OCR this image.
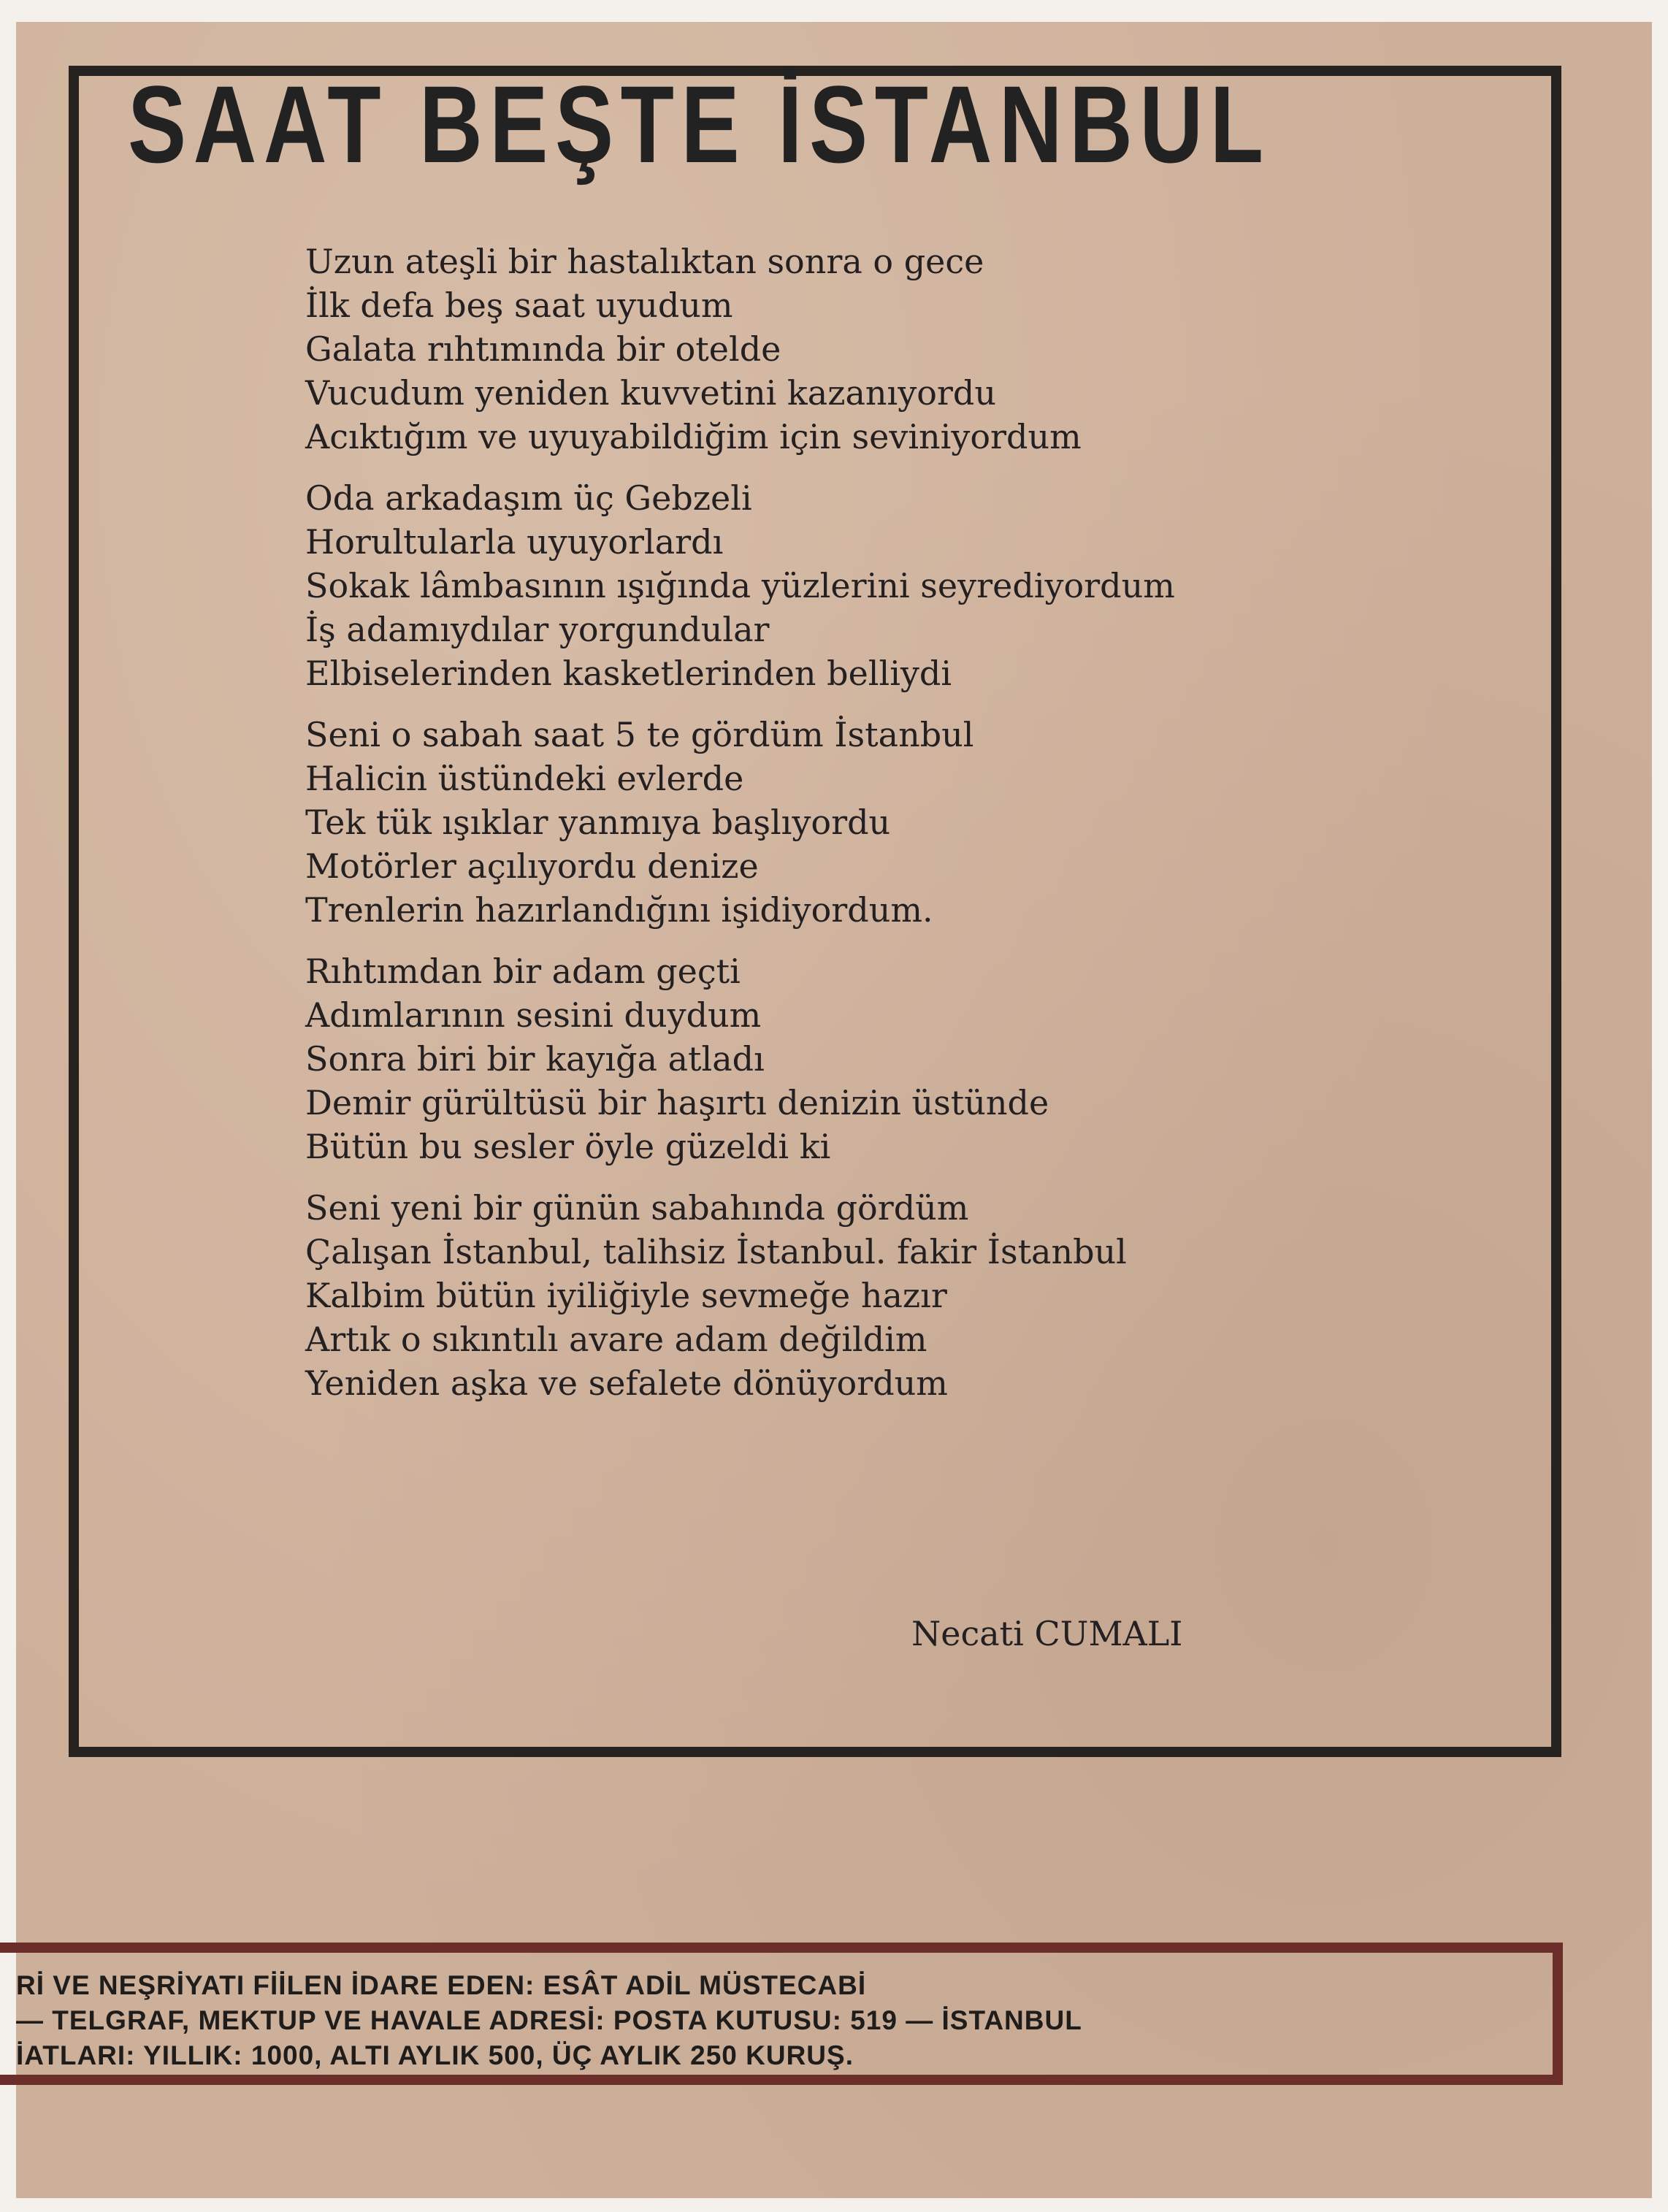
SAAT BEŞTE İSTANBUL
Uzun ateşli bir hastalıktan sonra o gece
İlk defa beş saat uyudum
Galata rıhtımında bir otelde
Vucudum yeniden kuvvetini kazanıyordu
Acıktığım ve uyuyabildiğim için seviniyordum
Oda arkadaşım üç Gebzeli
Horultularla uyuyorlardı
Sokak lâmbasının ışığında yüzlerini seyrediyordum
İş adamıydılar yorgundular
Elbiselerinden kasketlerinden belliydi
Seni o sabah saat 5 te gördüm İstanbul
Halicin üstündeki evlerde
Tek tük ışıklar yanmıya başlıyordu
Motörler açılıyordu denize
Trenlerin hazırlandığını işidiyordum.
Rıhtımdan bir adam geçti
Adımlarının sesini duydum
Sonra biri bir kayığa atladı
Demir gürültüsü bir haşırtı denizin üstünde
Bütün bu sesler öyle güzeldi ki
Seni yeni bir günün sabahında gördüm
Çalışan İstanbul, talihsiz İstanbul. fakir İstanbul
Kalbim bütün iyiliğiyle sevmeğe hazır
Artık o sıkıntılı avare adam değildim
Yeniden aşka ve sefalete dönüyordum

Necati CUMALI

Rİ VE NEŞRİYATI FİİLEN İDARE EDEN: ESÂT ADİL MÜSTECABİ
— TELGRAF, MEKTUP VE HAVALE ADRESİ: POSTA KUTUSU: 519 — İSTANBUL
İATLARI: YILLIK: 1000, ALTI AYLIK 500, ÜÇ AYLIK 250 KURUŞ.
